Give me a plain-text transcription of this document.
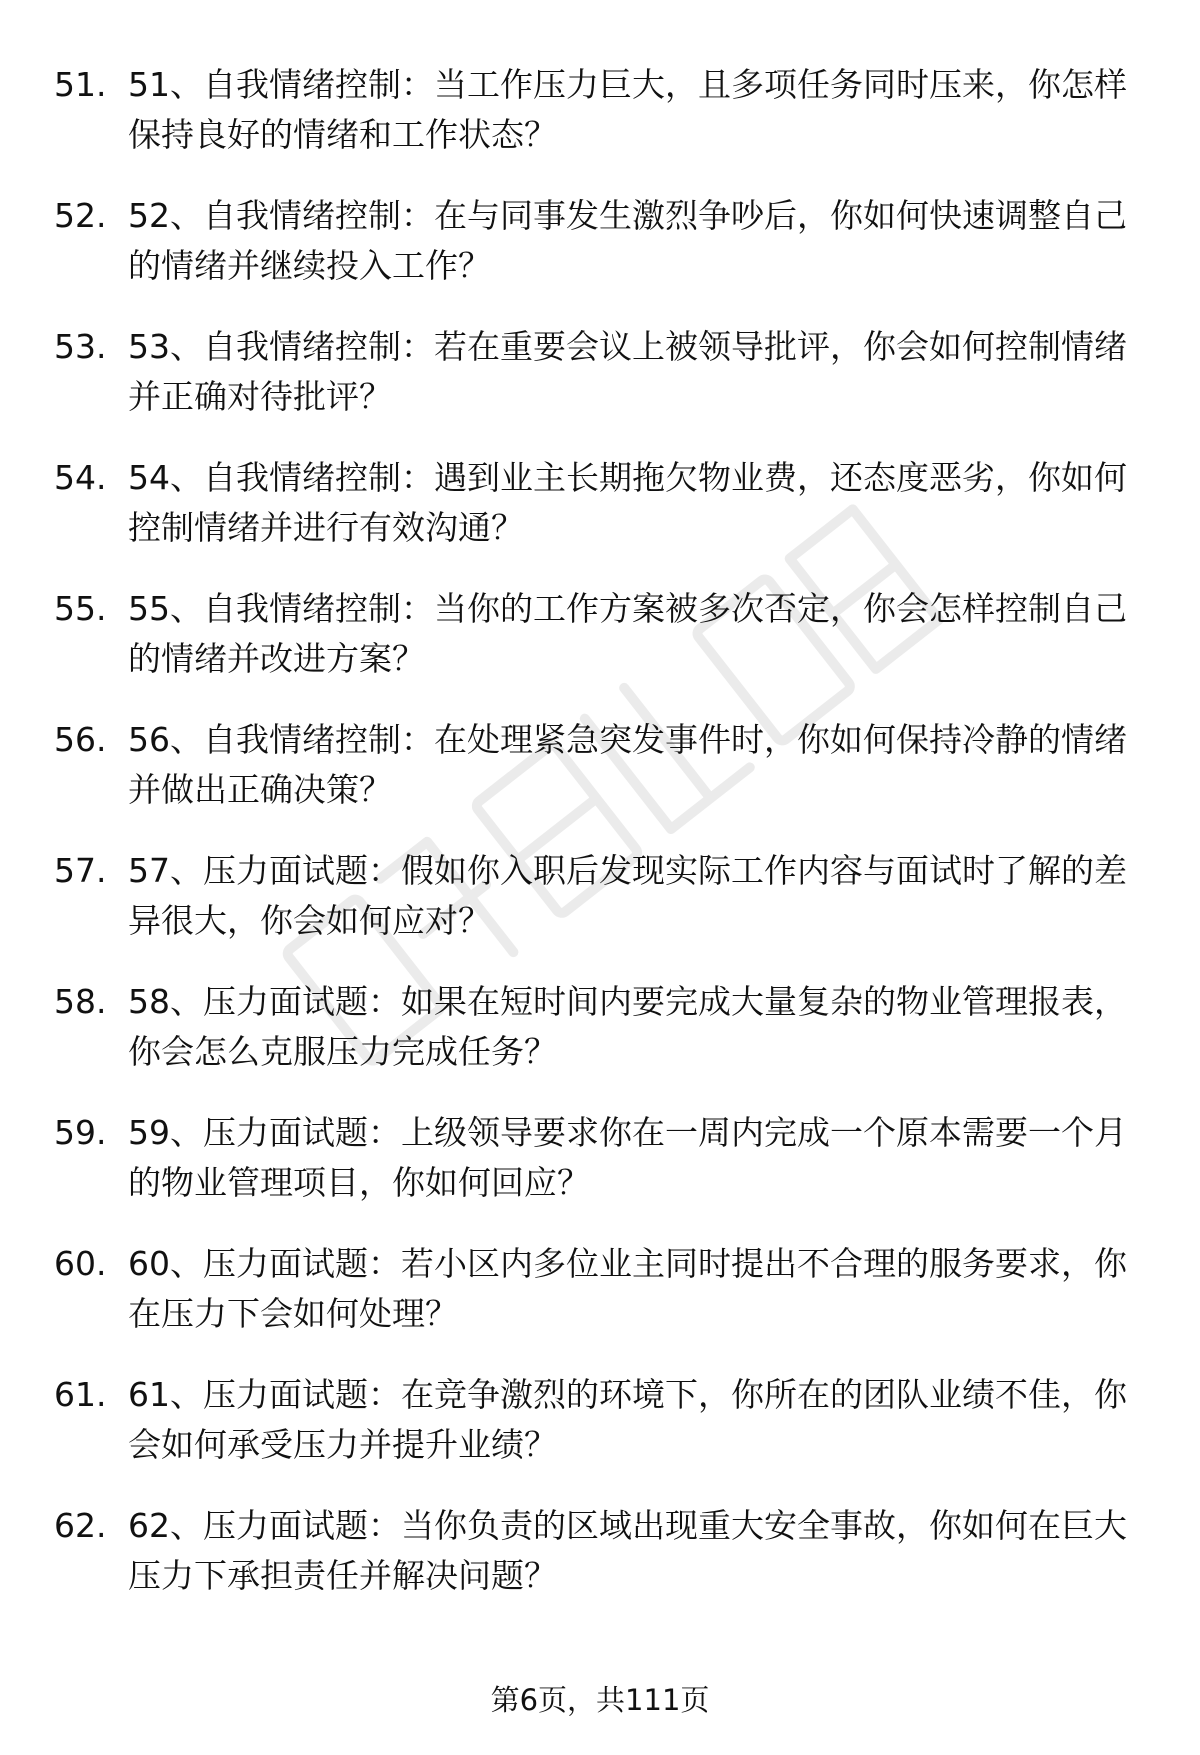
51. 51、自我情绪控制：当工作压力巨大，且多项任务同时压来，你怎样保持良好的情绪和工作状态？
52. 52、自我情绪控制：在与同事发生激烈争吵后，你如何快速调整自己的情绪并继续投入工作？
53. 53、自我情绪控制：若在重要会议上被领导批评，你会如何控制情绪并正确对待批评？
54. 54、自我情绪控制：遇到业主长期拖欠物业费，还态度恶劣，你如何控制情绪并进行有效沟通？
55. 55、自我情绪控制：当你的工作方案被多次否定，你会怎样控制自己的情绪并改进方案？
56. 56、自我情绪控制：在处理紧急突发事件时，你如何保持冷静的情绪并做出正确决策？
57. 57、压力面试题：假如你入职后发现实际工作内容与面试时了解的差异很大，你会如何应对？
58. 58、压力面试题：如果在短时间内要完成大量复杂的物业管理报表，你会怎么克服压力完成任务？
59. 59、压力面试题：上级领导要求你在一周内完成一个原本需要一个月的物业管理项目，你如何回应？
60. 60、压力面试题：若小区内多位业主同时提出不合理的服务要求，你在压力下会如何处理？
61. 61、压力面试题：在竞争激烈的环境下，你所在的团队业绩不佳，你会如何承受压力并提升业绩？
62. 62、压力面试题：当你负责的区域出现重大安全事故，你如何在巨大压力下承担责任并解决问题？
第6页，共111页
